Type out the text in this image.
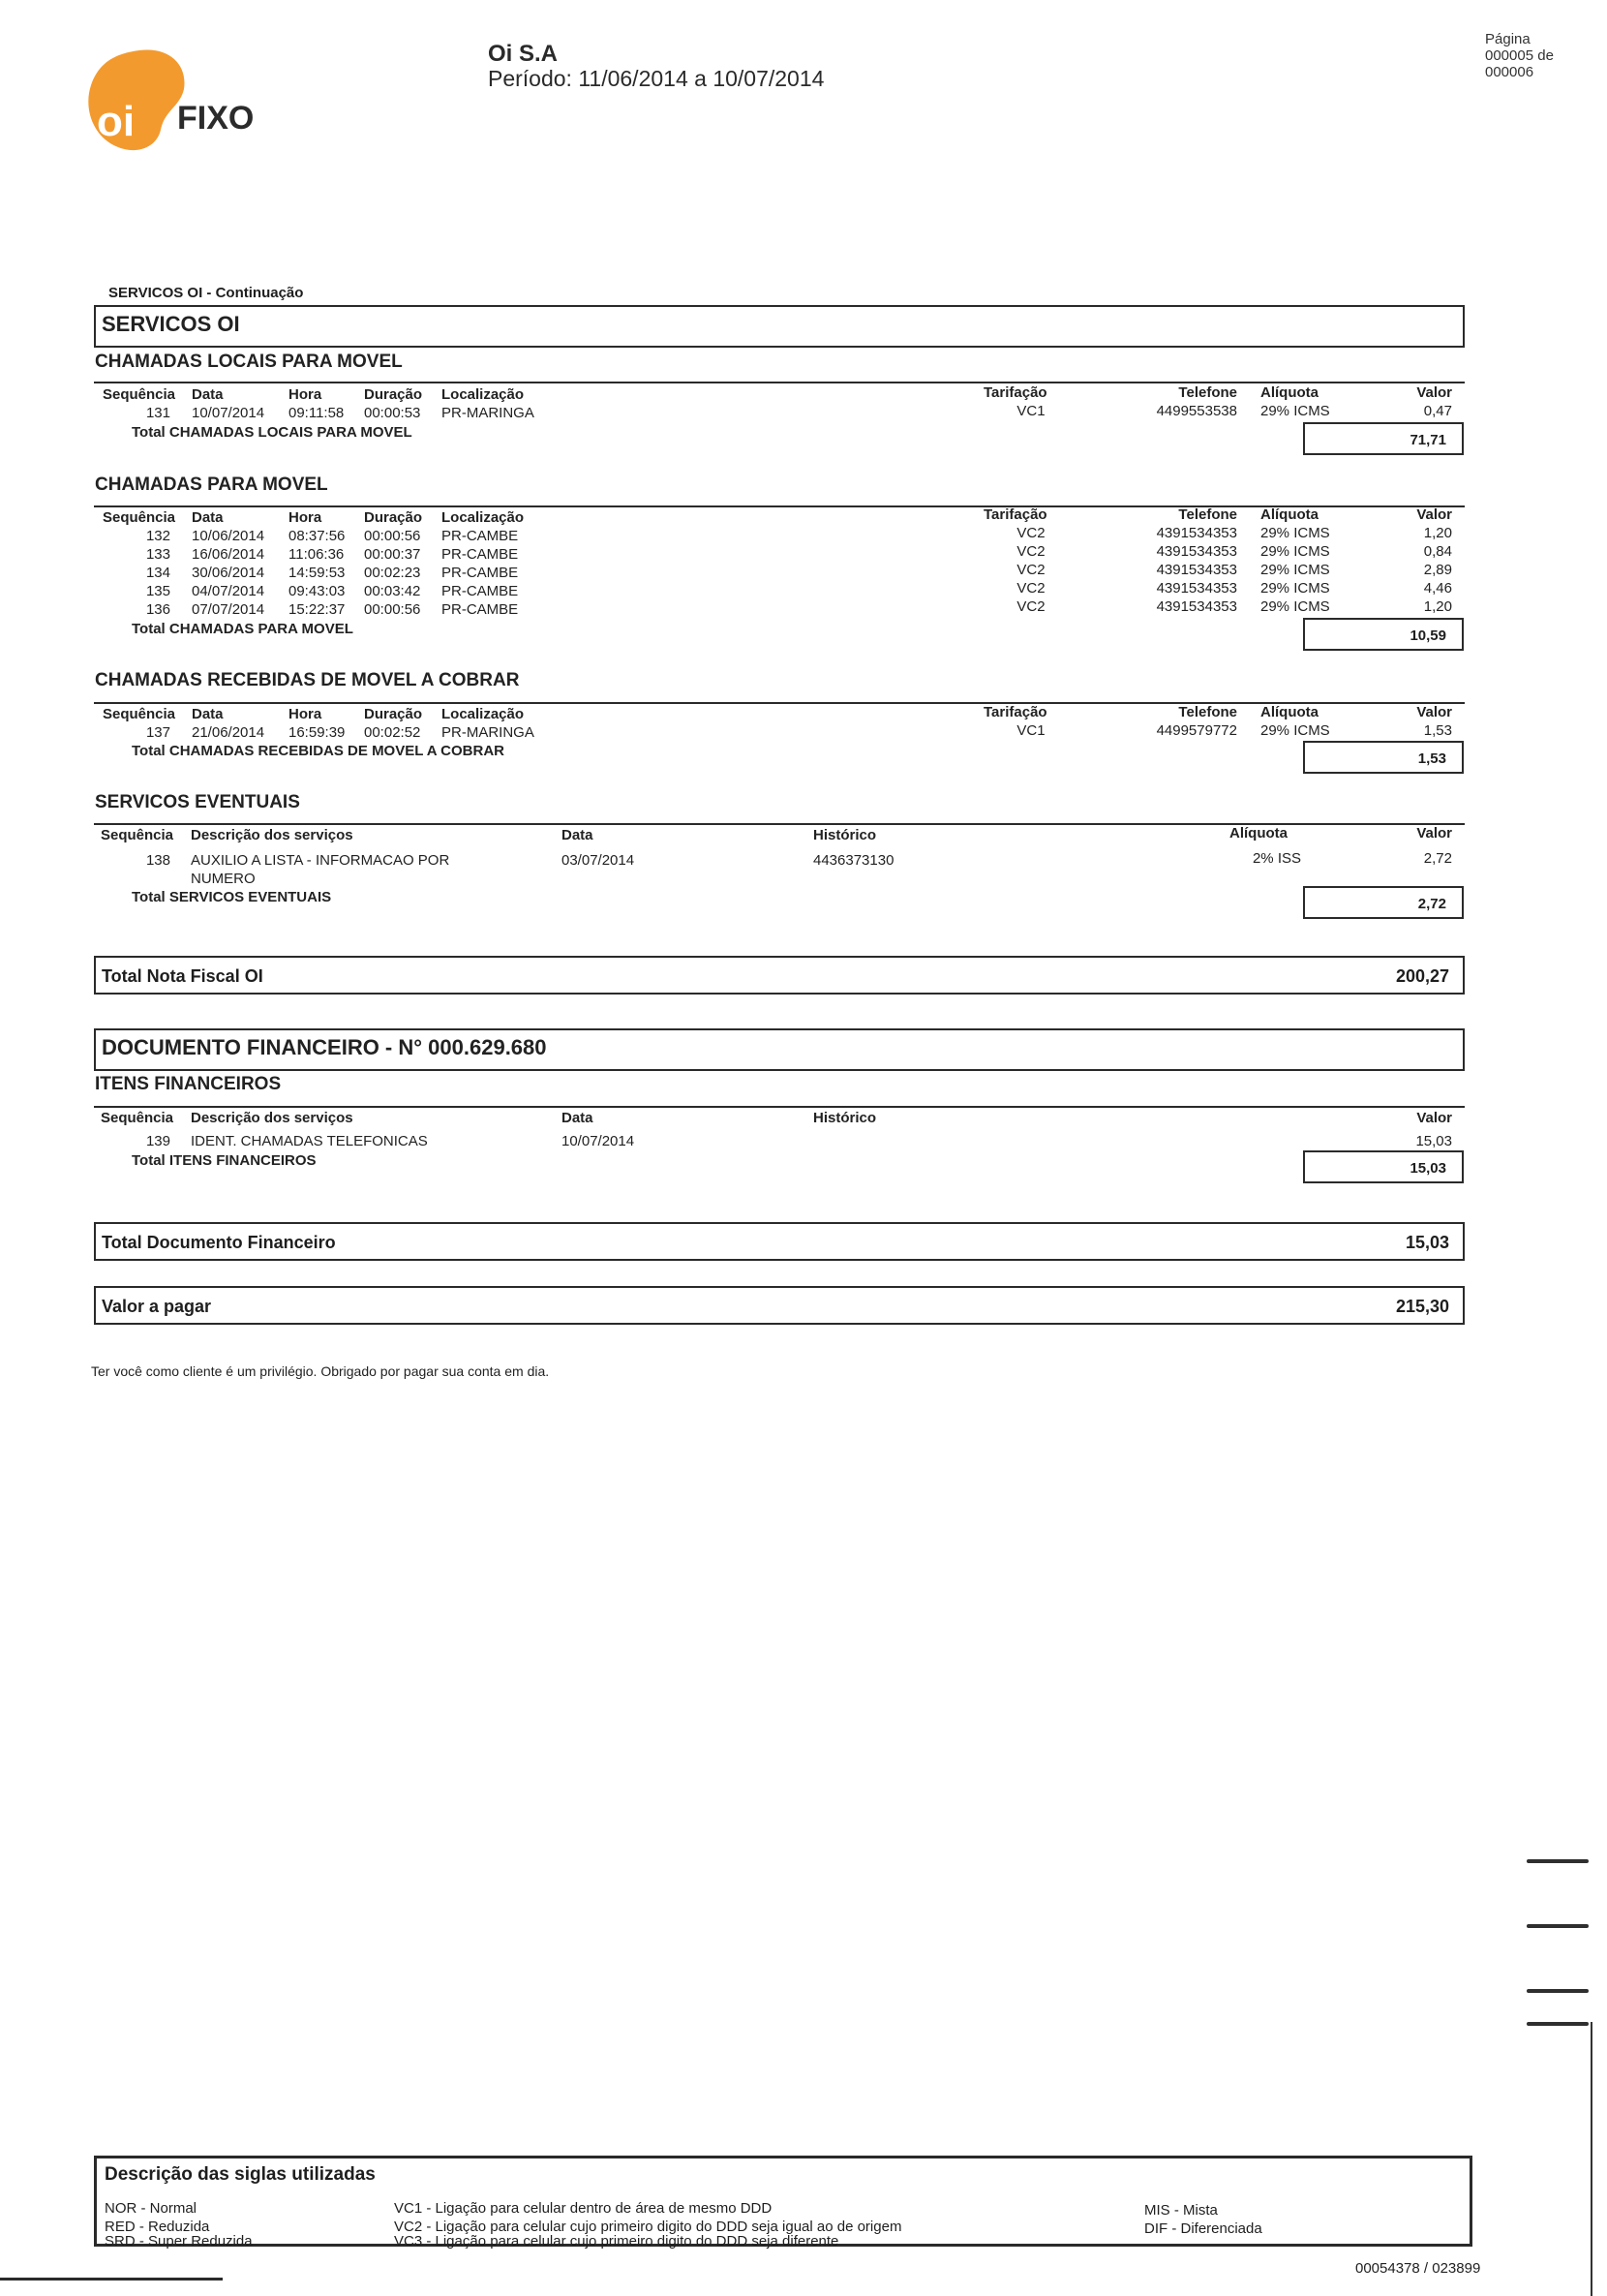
oi FIXO
Oi S.A
Período: 11/06/2014 a 10/07/2014
Página
000005 de
000006
SERVICOS OI - Continuação
SERVICOS OI
CHAMADAS LOCAIS PARA MOVEL
Sequência Data	Hora	Duração Localização	Tarifação	Telefone Alíquota	Valor
131 10/07/2014 09:11:58 00:00:53 PR-MARINGA	VC1	4499553538 29% ICMS	0,47
Total CHAMADAS LOCAIS PARA MOVEL	71,71
CHAMADAS PARA MOVEL
Sequência Data	Hora	Duração Localização	Tarifação	Telefone Alíquota	Valor
132 10/06/2014 08:37:56 00:00:56 PR-CAMBE	VC2	4391534353 29% ICMS	1,20
133 16/06/2014 11:06:36 00:00:37 PR-CAMBE	VC2	4391534353 29% ICMS	0,84
134 30/06/2014 14:59:53 00:02:23 PR-CAMBE	VC2	4391534353 29% ICMS	2,89
135 04/07/2014 09:43:03 00:03:42 PR-CAMBE	VC2	4391534353 29% ICMS	4,46
136 07/07/2014 15:22:37 00:00:56 PR-CAMBE	VC2	4391534353 29% ICMS	1,20
Total CHAMADAS PARA MOVEL	10,59
CHAMADAS RECEBIDAS DE MOVEL A COBRAR
Sequência Data	Hora	Duração Localização	Tarifação	Telefone Alíquota	Valor
137 21/06/2014 16:59:39 00:02:52 PR-MARINGA	VC1	4499579772 29% ICMS	1,53
Total CHAMADAS RECEBIDAS DE MOVEL A COBRAR	1,53
SERVICOS EVENTUAIS
Sequência Descrição dos serviços	Data	Histórico	Alíquota	Valor
138 AUXILIO A LISTA - INFORMACAO POR
NUMERO
03/07/2014	4436373130	2% ISS	2,72
Total SERVICOS EVENTUAIS	2,72
Total Nota Fiscal OI	200,27
DOCUMENTO FINANCEIRO - N° 000.629.680
ITENS FINANCEIROS
Sequência Descrição dos serviços	Data	Histórico	Valor
139 IDENT. CHAMADAS TELEFONICAS	10/07/2014	15,03
Total ITENS FINANCEIROS	15,03
Total Documento Financeiro	15,03
Valor a pagar	215,30
Ter você como cliente é um privilégio. Obrigado por pagar sua conta em dia.
Descrição das siglas utilizadas
NOR - Normal
RED - Reduzida
SRD - Super Reduzida
VC1 - Ligação para celular dentro de área de mesmo DDD
VC2 - Ligação para celular cujo primeiro digito do DDD seja igual ao de origem
VC3 - Ligação para celular cujo primeiro digito do DDD seja diferente
MIS - Mista
DIF - Diferenciada
00054378 / 023899
